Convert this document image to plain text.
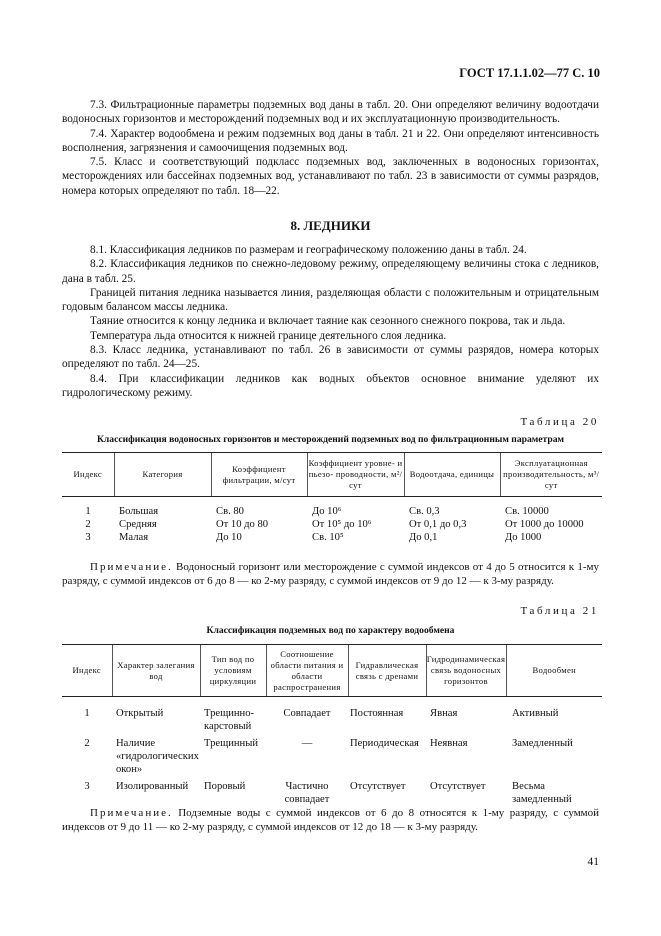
ГОСТ 17.1.1.02—77 С. 10

7.3. Фильтрационные параметры подземных вод даны в табл. 20. Они определяют величину водоотдачи водоносных горизонтов и месторождений подземных вод и их эксплуатационную производительность.

7.4. Характер водообмена и режим подземных вод даны в табл. 21 и 22. Они определяют интенсивность восполнения, загрязнения и самоочищения подземных вод.

7.5. Класс и соответствующий подкласс подземных вод, заключенных в водоносных горизонтах, месторождениях или бассейнах подземных вод, устанавливают по табл. 23 в зависимости от суммы разрядов, номера которых определяют по табл. 18—22.

8. ЛЕДНИКИ

8.1. Классификация ледников по размерам и географическому положению даны в табл. 24.

8.2. Классификация ледников по снежно-ледовому режиму, определяющему величины стока с ледников, дана в табл. 25.

Границей питания ледника называется линия, разделяющая области с положительным и отрицательным годовым балансом массы ледника.

Таяние относится к концу ледника и включает таяние как сезонного снежного покрова, так и льда.

Температура льда относится к нижней границе деятельного слоя ледника.

8.3. Класс ледника, устанавливают по табл. 26 в зависимости от суммы разрядов, номера которых определяют по табл. 24—25.

8.4. При классификации ледников как водных объектов основное внимание уделяют их гидрологическому режиму.

Таблица 20
Классификация водоносных горизонтов и месторождений подземных вод по фильтрационным параметрам
Индекс	Категория	Коэффициент фильтрации, м/сут	Коэффициент уровне- и пьезо- проводности, м²/сут	Водоотдача, единицы	Эксплуатационная производительность, м³/сут
1	Большая	Св. 80	До 10⁶	Св. 0,3	Св. 10000
2	Средняя	От 10 до 80	От 10⁵ до 10⁶	От 0,1 до 0,3	От 1000 до 10000
3	Малая	До 10	Св. 10⁵	До 0,1	До 1000
Примечание. Водоносный горизонт или месторождение с суммой индексов от 4 до 5 относится к 1-му разряду, с суммой индексов от 6 до 8 — ко 2-му разряду, с суммой индексов от 9 до 12 — к 3-му разряду.
Таблица 21
Классификация подземных вод по характеру водообмена
Индекс	Характер залегания вод	Тип вод по условиям циркуляции	Соотношение области питания и области распространения	Гидравлическая связь с дренами	Гидродинамическая связь водоносных горизонтов	Водообмен
1	Открытый	Трещинно-карстовый	Совпадает	Постоянная	Явная	Активный
2	Наличие «гидрологических окон»	Трещинный	—	Периодическая	Неявная	Замедленный
3	Изолированный	Поровый	Частично совпадает	Отсутствует	Отсутствует	Весьма замедленный
Примечание. Подземные воды с суммой индексов от 6 до 8 относятся к 1-му разряду, с суммой индексов от 9 до 11 — ко 2-му разряду, с суммой индексов от 12 до 18 — к 3-му разряду.
41
